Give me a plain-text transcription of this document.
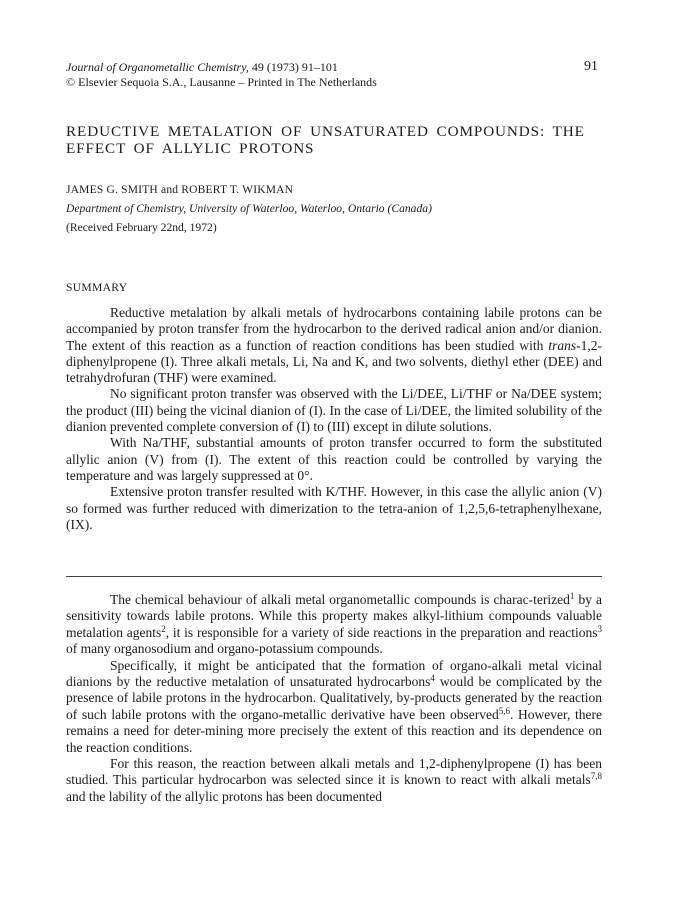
Journal of Organometallic Chemistry, 49 (1973) 91–101
© Elsevier Sequoia S.A., Lausanne – Printed in The Netherlands
91
REDUCTIVE METALATION OF UNSATURATED COMPOUNDS: THE EFFECT OF ALLYLIC PROTONS
JAMES G. SMITH and ROBERT T. WIKMAN
Department of Chemistry, University of Waterloo, Waterloo, Ontario (Canada)
(Received February 22nd, 1972)
SUMMARY

Reductive metalation by alkali metals of hydrocarbons containing labile protons can be accompanied by proton transfer from the hydrocarbon to the derived radical anion and/or dianion. The extent of this reaction as a function of reaction conditions has been studied with trans-1,2-diphenylpropene (I). Three alkali metals, Li, Na and K, and two solvents, diethyl ether (DEE) and tetrahydrofuran (THF) were examined.

No significant proton transfer was observed with the Li/DEE, Li/THF or Na/DEE system; the product (III) being the vicinal dianion of (I). In the case of Li/DEE, the limited solubility of the dianion prevented complete conversion of (I) to (III) except in dilute solutions.

With Na/THF, substantial amounts of proton transfer occurred to form the substituted allylic anion (V) from (I). The extent of this reaction could be controlled by varying the temperature and was largely suppressed at 0°.

Extensive proton transfer resulted with K/THF. However, in this case the allylic anion (V) so formed was further reduced with dimerization to the tetra-anion of 1,2,5,6-tetraphenylhexane, (IX).

The chemical behaviour of alkali metal organometallic compounds is charac-terized$^1$ by a sensitivity towards labile protons. While this property makes alkyl-lithium compounds valuable metalation agents$^2$, it is responsible for a variety of side reactions in the preparation and reactions$^3$ of many organosodium and organo-potassium compounds.

Specifically, it might be anticipated that the formation of organo-alkali metal vicinal dianions by the reductive metalation of unsaturated hydrocarbons$^4$ would be complicated by the presence of labile protons in the hydrocarbon. Qualitatively, by-products generated by the reaction of such labile protons with the organo-metallic derivative have been observed$^{5,6}$. However, there remains a need for deter-mining more precisely the extent of this reaction and its dependence on the reaction conditions.

For this reason, the reaction between alkali metals and 1,2-diphenylpropene (I) has been studied. This particular hydrocarbon was selected since it is known to react with alkali metals$^{7,8}$ and the lability of the allylic protons has been documented
